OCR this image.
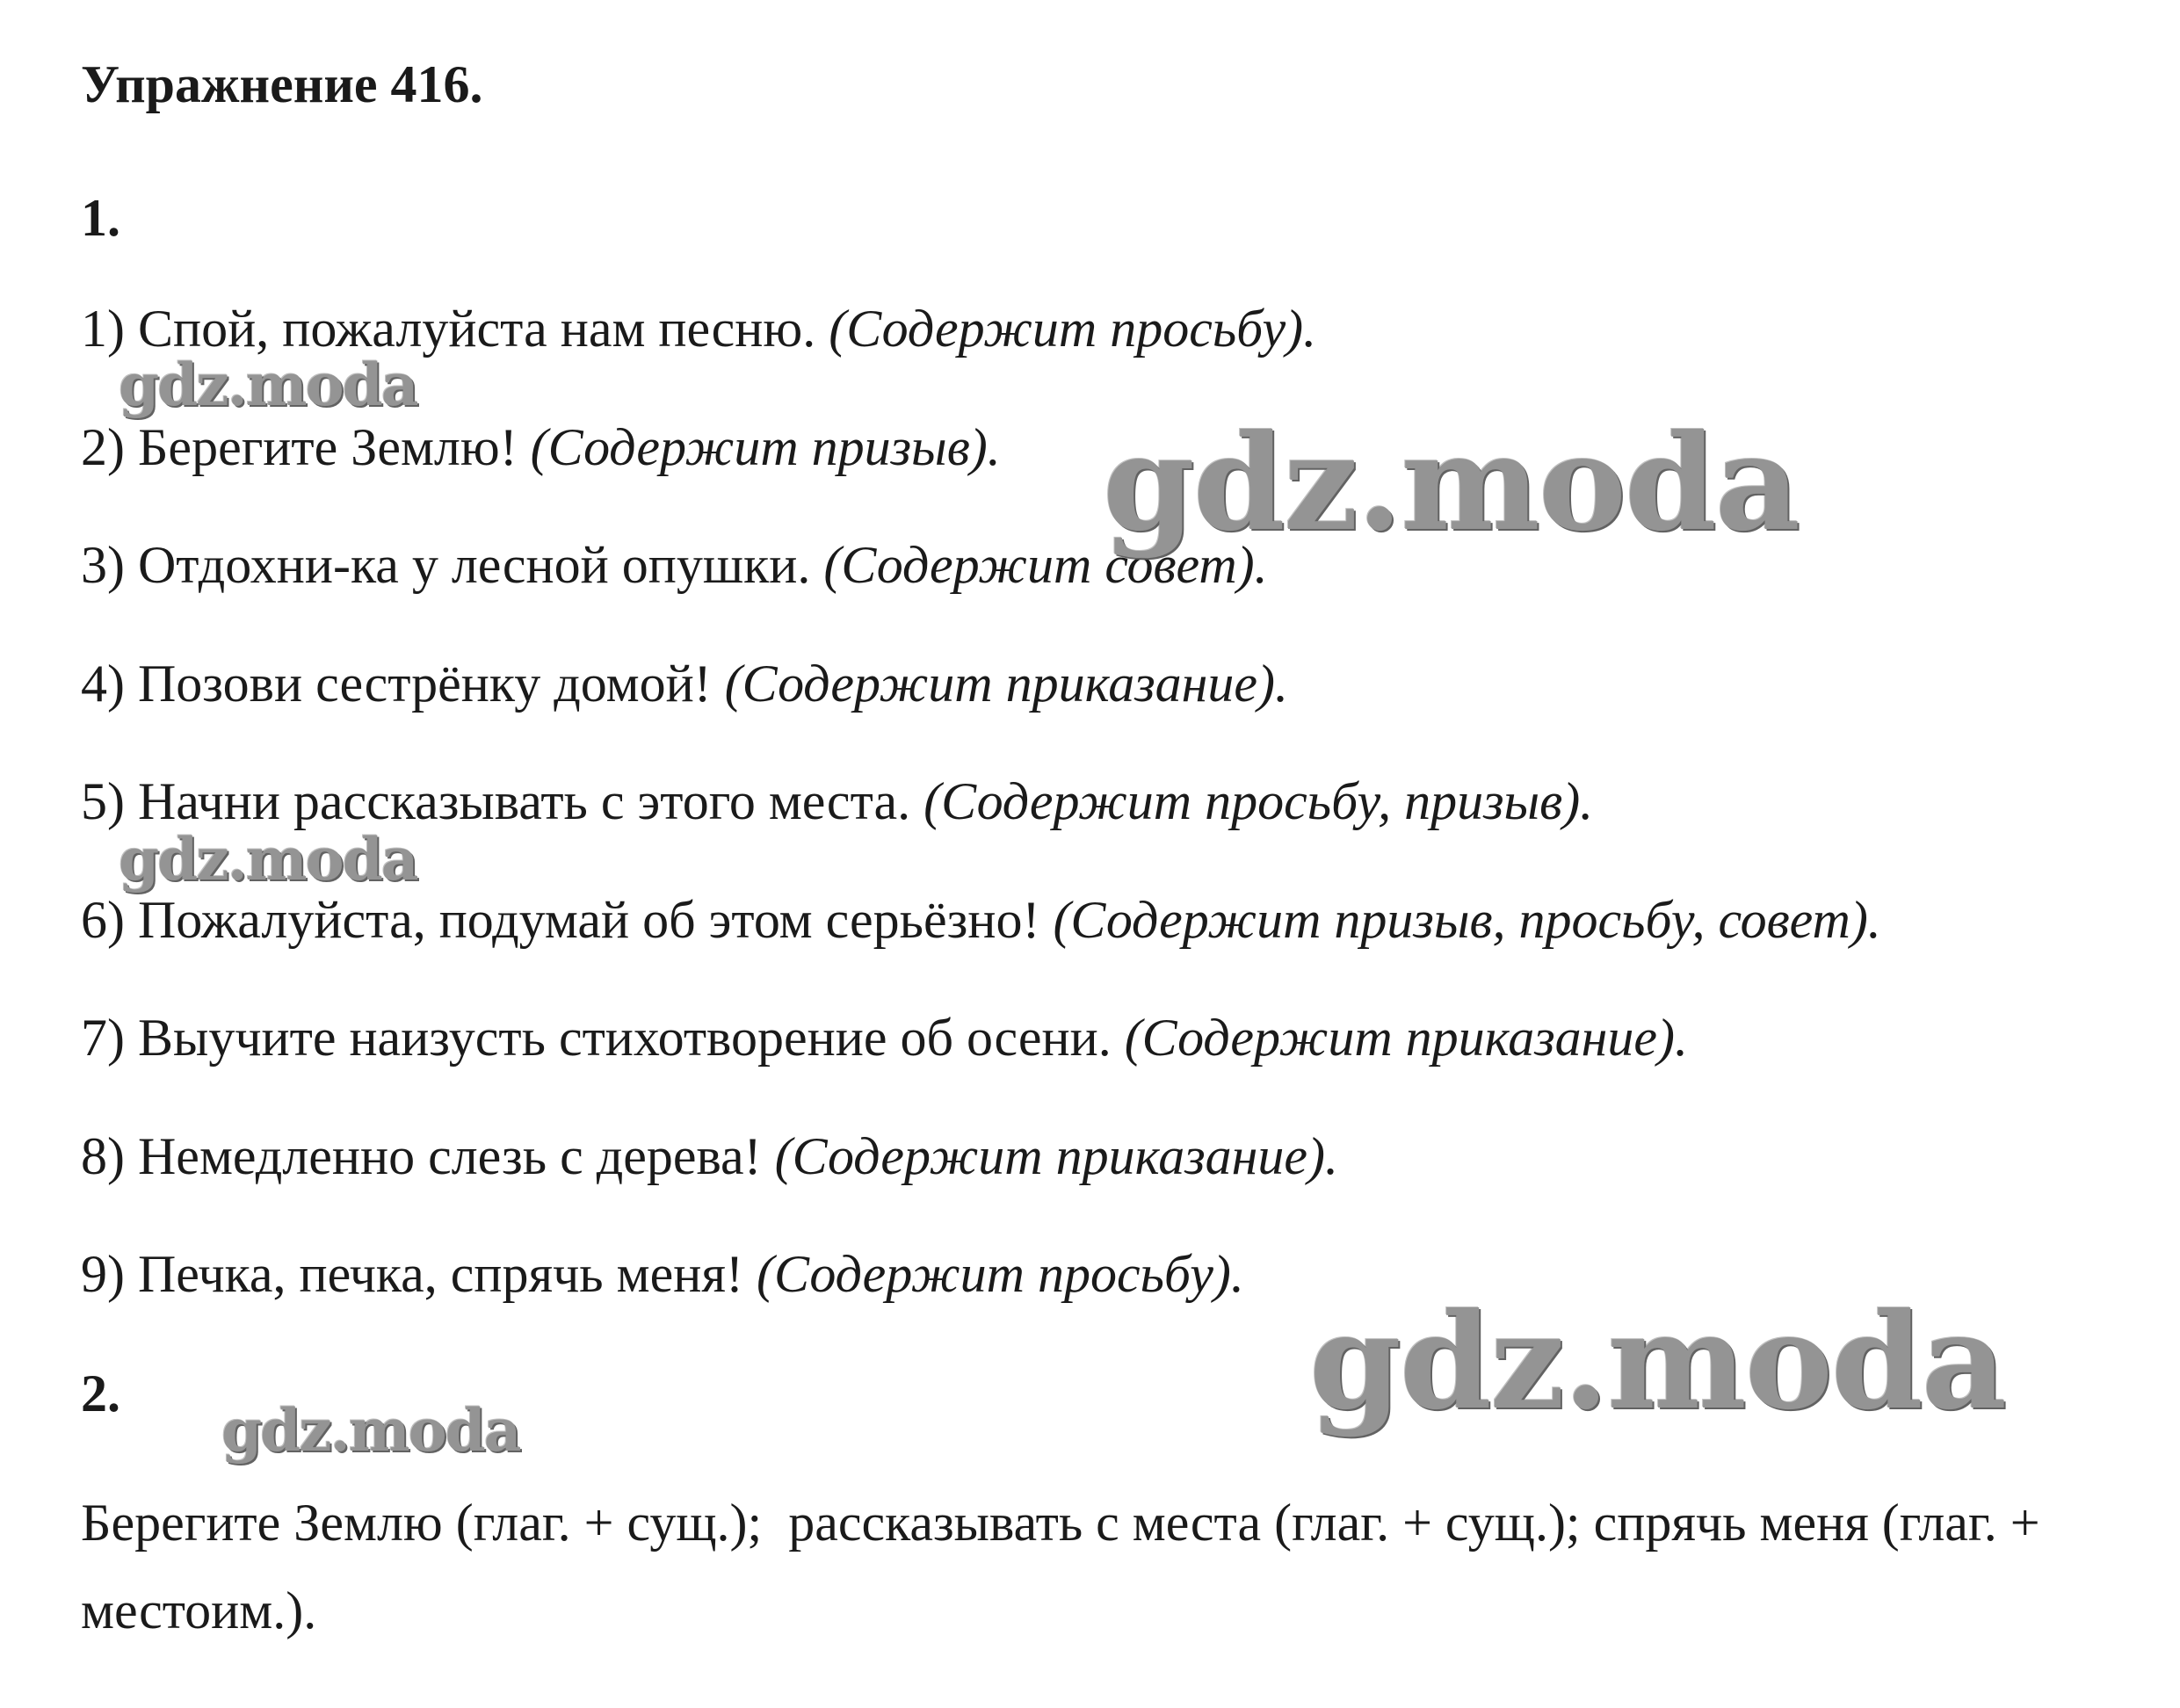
Упражнение 416.
1.
1) Спой, пожалуйста нам песню. (Содержит просьбу).
2) Берегите Землю! (Содержит призыв).
3) Отдохни-ка у лесной опушки. (Содержит совет).
4) Позови сестрёнку домой! (Содержит приказание).
5) Начни рассказывать с этого места. (Содержит просьбу, призыв).
6) Пожалуйста, подумай об этом серьёзно! (Содержит призыв, просьбу, совет).
7) Выучите наизусть стихотворение об осени. (Содержит приказание).
8) Немедленно слезь с дерева! (Содержит приказание).
9) Печка, печка, спрячь меня! (Содержит просьбу).
2.
Берегите Землю (глаг. + сущ.);  рассказывать с места (глаг. + сущ.); спрячь меня (глаг. + местоим.).
gdz.moda
gdz.moda
gdz.moda
gdz.moda
gdz.moda
